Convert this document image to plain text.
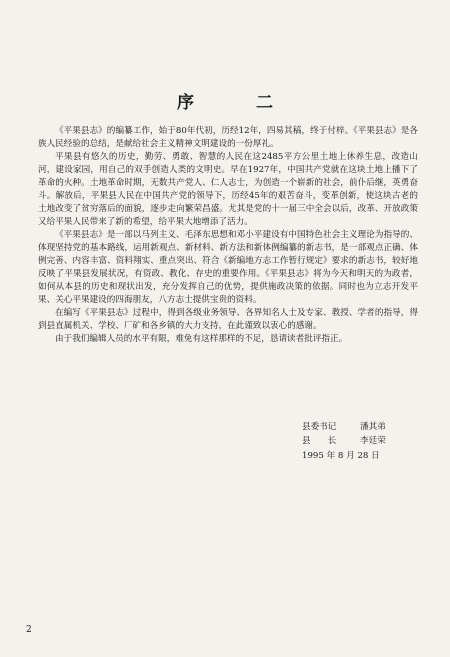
序 二

《平果县志》的编纂工作，始于80年代初，历经12年，四易其稿，终于付梓。《平果县志》是各族人民经验的总结，是献给社会主义精神文明建设的一份厚礼。

平果县有悠久的历史，勤劳、勇敢、智慧的人民在这2485平方公里土地上休养生息，改造山河，建设家园，用自己的双手创造人类的文明史。早在1927年，中国共产党就在这块土地上播下了革命的火种。土地革命时期，无数共产党人、仁人志士，为创造一个崭新的社会，前仆后继，英勇奋斗。解放后，平果县人民在中国共产党的领导下，历经45年的艰苦奋斗，变革创新，使这块古老的土地改变了贫穷落后的面貌，逐步走向繁荣昌盛。尤其是党的十一届三中全会以后，改革、开放政策又给平果人民带来了新的希望，给平果大地增添了活力。

《平果县志》是一部以马列主义、毛泽东思想和邓小平建设有中国特色社会主义理论为指导的、体现坚持党的基本路线，运用新观点、新材料、新方法和新体例编纂的新志书，是一部观点正确、体例完善、内容丰富、资料翔实、重点突出、符合《新编地方志工作暂行规定》要求的新志书，较好地反映了平果县发展状况，有资政、教化、存史的重要作用。《平果县志》将为今天和明天的为政者，如何从本县的历史和现状出发，充分发挥自己的优势，提供施政决策的依据。同时也为立志开发平果、关心平果建设的四海朋友，八方志士提供宝贵的资料。

在编写《平果县志》过程中，得到各级业务领导、各界知名人士及专家、教授、学者的指导，得到县直属机关、学校、厂矿和各乡镇的大力支持，在此谨致以衷心的感谢。

由于我们编辑人员的水平有限，难免有这样那样的不足，恳请读者批评指正。

县委书记	潘其弟
县　　长	李廷荣
1995 年 8 月 28 日
2
